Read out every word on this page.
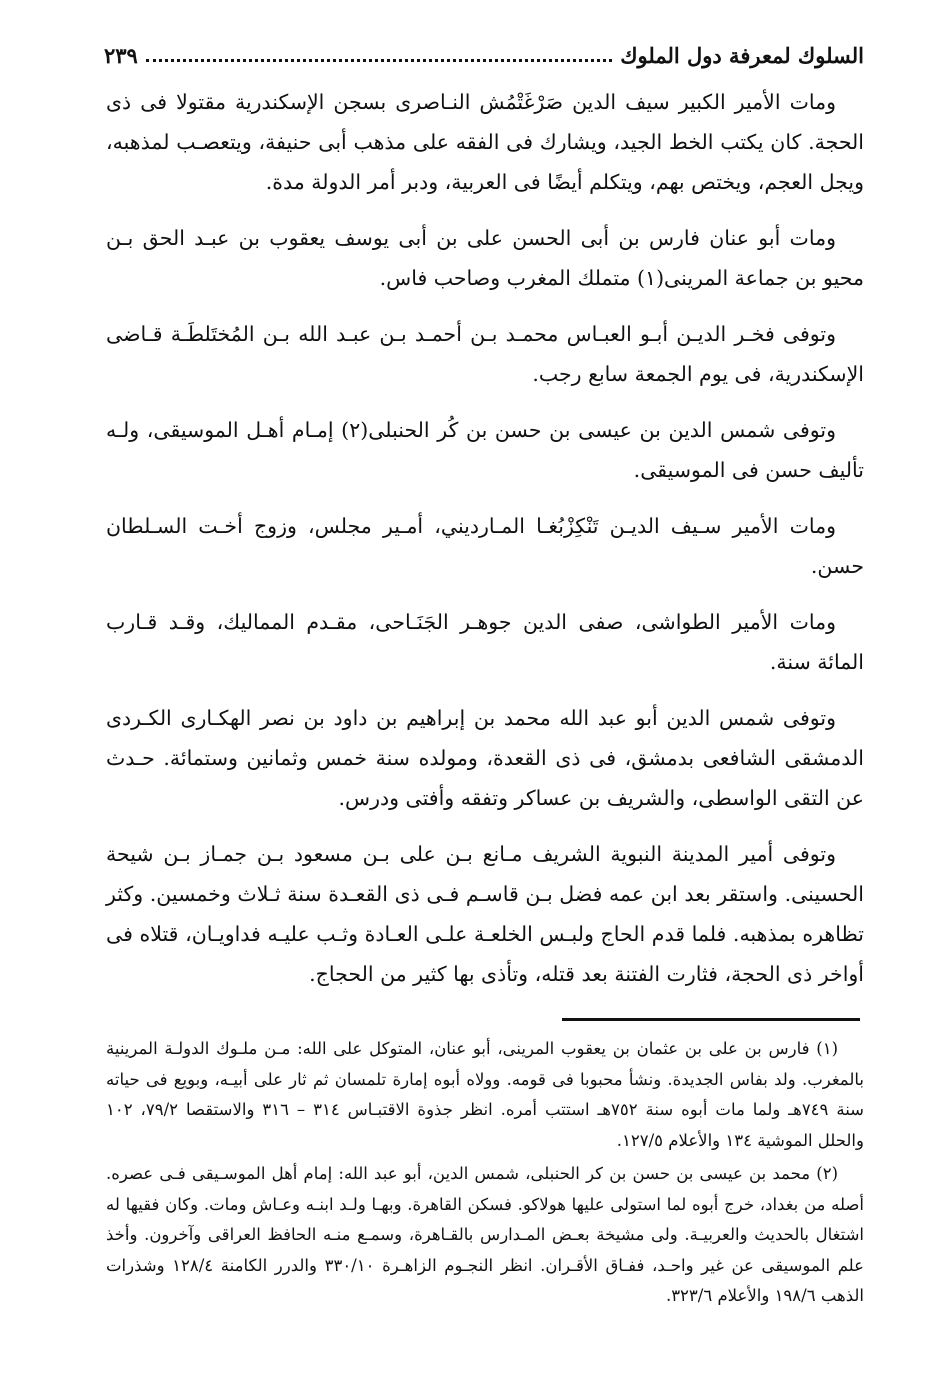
السلوك لمعرفة دول الملوك
٢٣٩

ومات الأمير الكبير سيف الدين صَرْغَتْمُش النـاصرى بسجن الإسكندرية مقتولا فى ذى الحجة. كان يكتب الخط الجيد، ويشارك فى الفقه على مذهب أبى حنيفة، ويتعصـب لمذهبه، ويجل العجم، ويختص بهم، ويتكلم أيضًا فى العربية، ودبر أمر الدولة مدة.

ومات أبو عنان فارس بن أبى الحسن على بن أبى يوسف يعقوب بن عبـد الحق بـن محيو بن جماعة المرينى(١) متملك المغرب وصاحب فاس.

وتوفى فخـر الديـن أبـو العبـاس محمـد بـن أحمـد بـن عبـد الله بـن المُختَلطَـة قـاضى الإسكندرية، فى يوم الجمعة سابع رجب.

وتوفى شمس الدين بن عيسى بن حسن بن كُر الحنبلى(٢) إمـام أهـل الموسيقى، ولـه تأليف حسن فى الموسيقى.

ومات الأمير سـيف الديـن تَنْكِزْبُغـا المـارديني، أمـير مجلس، وزوج أخـت السـلطان حسن.

ومات الأمير الطواشى، صفى الدين جوهـر الجَنَـاحى، مقـدم المماليك، وقـد قـارب المائة سنة.

وتوفى شمس الدين أبو عبد الله محمد بن إبراهيم بن داود بن نصر الهكـارى الكـردى الدمشقى الشافعى بدمشق، فى ذى القعدة، ومولده سنة خمس وثمانين وستمائة. حـدث عن التقى الواسطى، والشريف بن عساكر وتفقه وأفتى ودرس.

وتوفى أمير المدينة النبوية الشريف مـانع بـن على بـن مسعود بـن جمـاز بـن شيحة الحسينى. واستقر بعد ابن عمه فضل بـن قاسـم فـى ذى القعـدة سنة ثـلاث وخمسين. وكثر تظاهره بمذهبه. فلما قدم الحاج ولبـس الخلعـة علـى العـادة وثـب عليـه فداويـان، قتلاه فى أواخر ذى الحجة، فثارت الفتنة بعد قتله، وتأذى بها كثير من الحجاج.

(١) فارس بن على بن عثمان بن يعقوب المرينى، أبو عنان، المتوكل على الله: مـن ملـوك الدولـة المرينية بالمغرب. ولد بفاس الجديدة. ونشأ محبوبا فى قومه. وولاه أبوه إمارة تلمسان ثم ثار على أبيـه، وبويع فى حياته سنة ٧٤٩هـ ولما مات أبوه سنة ٧٥٢هـ استتب أمره. انظر جذوة الاقتبـاس ٣١٤ – ٣١٦ والاستقصا ٧٩/٢، ١٠٢ والحلل الموشية ١٣٤ والأعلام ١٢٧/٥.

(٢) محمد بن عيسى بن حسن بن كر الحنبلى، شمس الدين، أبو عبد الله: إمام أهل الموسـيقى فـى عصره. أصله من بغداد، خرج أبوه لما استولى عليها هولاكو. فسكن القاهرة. وبهـا ولـد ابنـه وعـاش ومات. وكان فقيها له اشتغال بالحديث والعربيـة. ولى مشيخة بعـض المـدارس بالقـاهرة، وسمـع منـه الحافظ العراقى وآخرون. وأخذ علم الموسيقى عن غير واحـد، ففـاق الأقـران. انظر النجـوم الزاهـرة ٣٣٠/١٠ والدرر الكامنة ١٢٨/٤ وشذرات الذهب ١٩٨/٦ والأعلام ٣٢٣/٦.
